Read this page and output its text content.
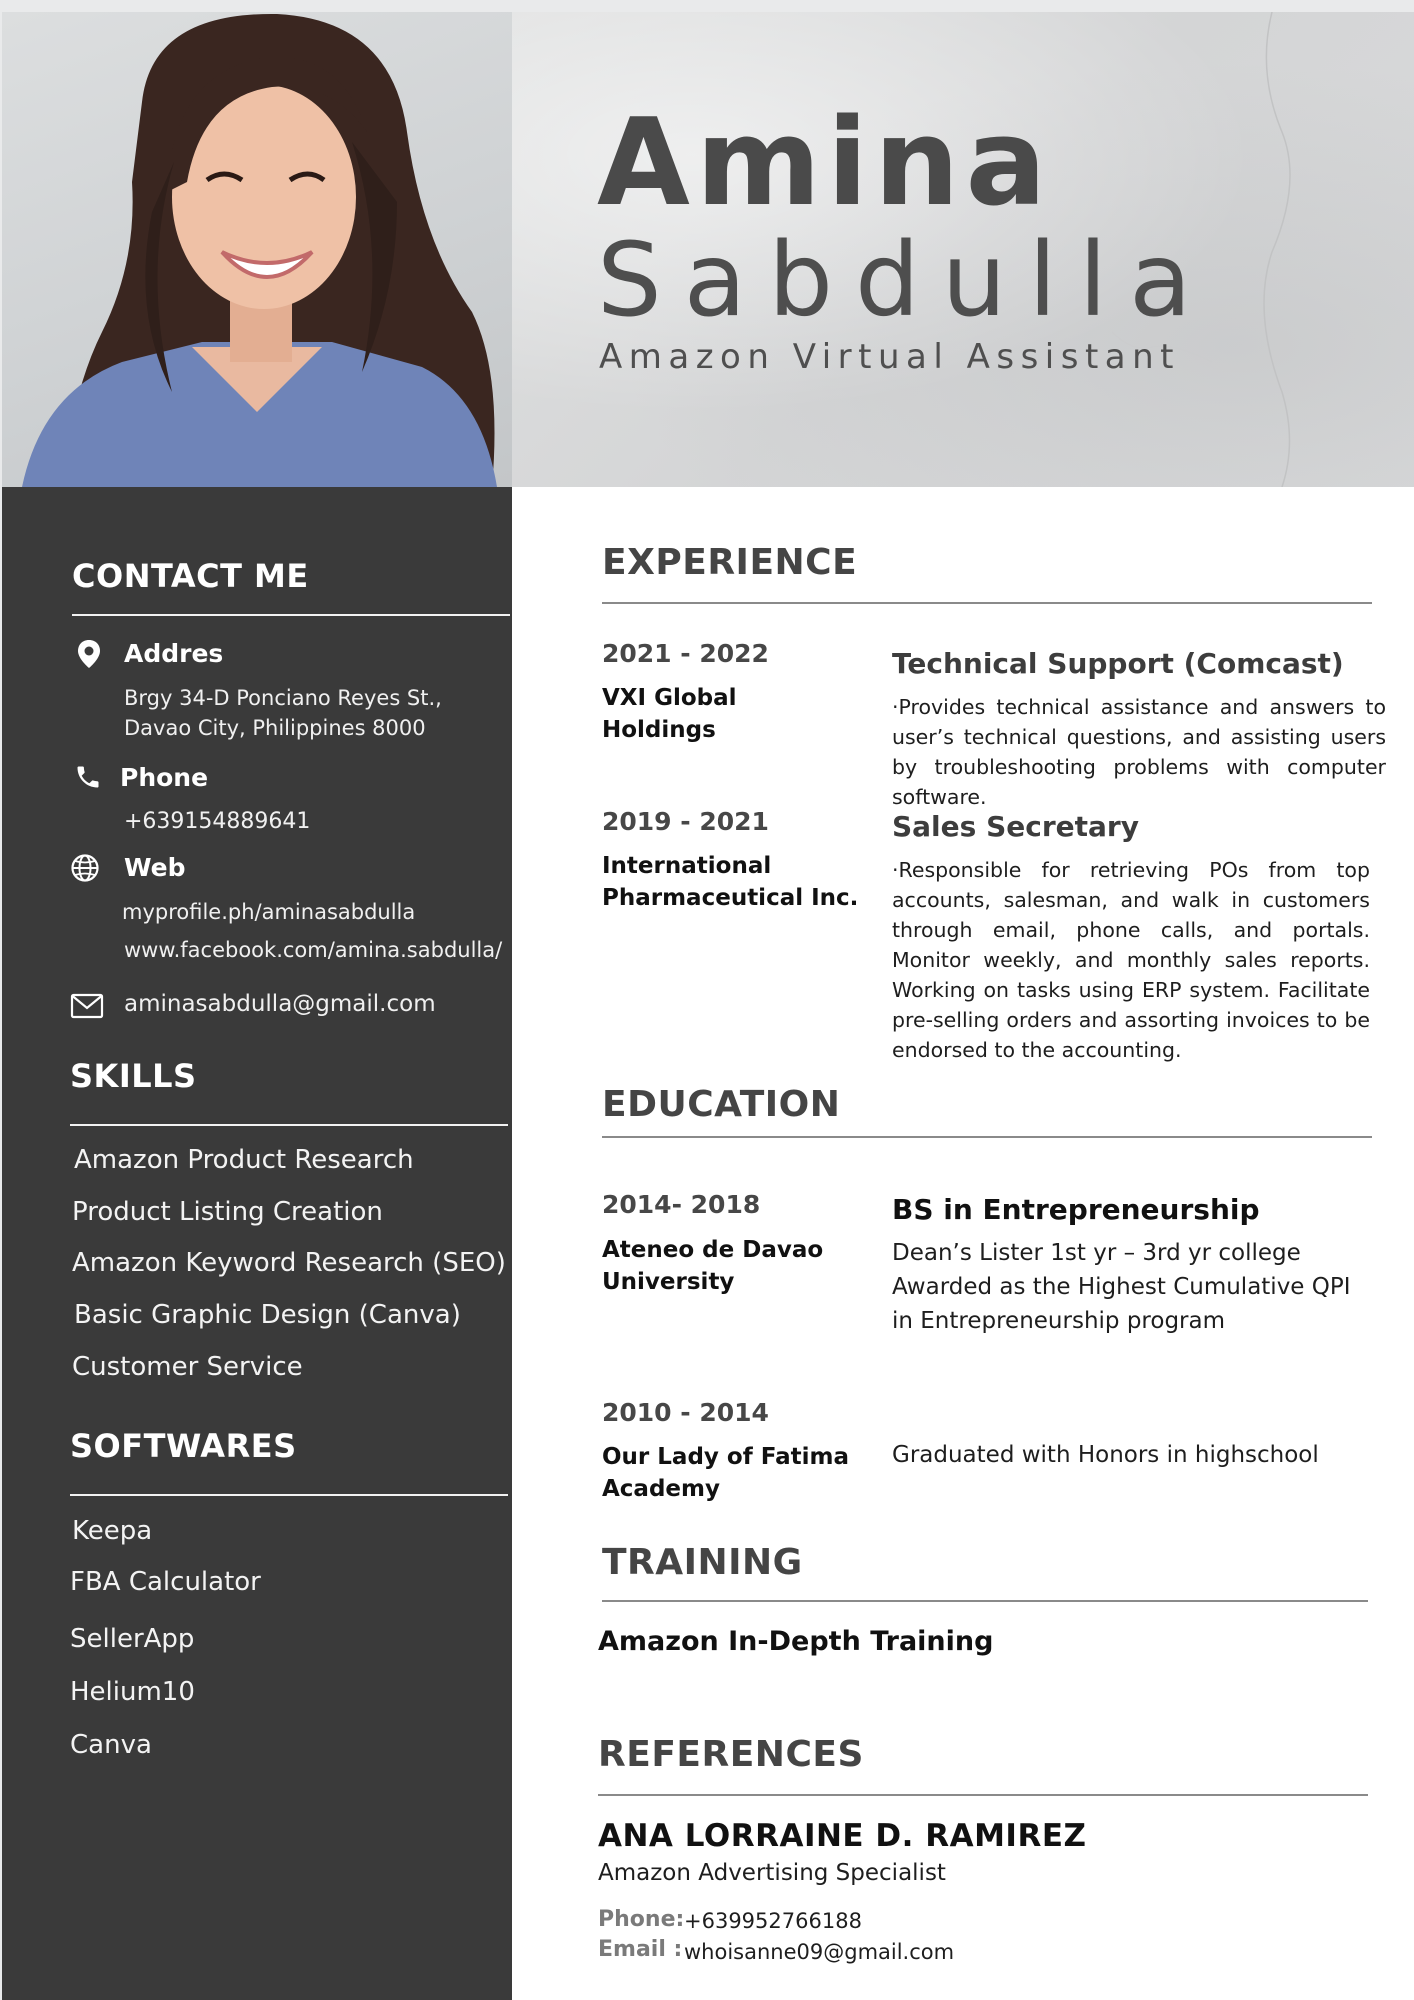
Amina
Sabdulla
Amazon Virtual Assistant
CONTACT ME
Addres
Brgy 34-D Ponciano Reyes St.,
Davao City, Philippines 8000
Phone
+639154889641
Web
myprofile.ph/aminasabdulla
www.facebook.com/amina.sabdulla/
aminasabdulla@gmail.com
SKILLS
Amazon Product Research
Product Listing Creation
Amazon Keyword Research (SEO)
Basic Graphic Design (Canva)
Customer Service
SOFTWARES
Keepa
FBA Calculator
SellerApp
Helium10
Canva
EXPERIENCE
2021 - 2022
VXI Global Holdings
Technical Support (Comcast)
·Provides technical assistance and answers to user’s technical questions, and assisting users by troubleshooting problems with computer software.
2019 - 2021
International
Pharmaceutical Inc.
Sales Secretary
·Responsible for retrieving POs from top accounts, salesman, and walk in customers through email, phone calls, and portals. Monitor weekly, and monthly sales reports. Working on tasks using ERP system. Facilitate pre-selling orders and assorting invoices to be endorsed to the accounting.
EDUCATION
2014- 2018
Ateneo de Davao
University
BS in Entrepreneurship
Dean’s Lister 1st yr – 3rd yr college
Awarded as the Highest Cumulative QPI
in Entrepreneurship program
2010 - 2014
Our Lady of Fatima
Academy
Graduated with Honors in highschool
TRAINING
Amazon In-Depth Training
REFERENCES
ANA LORRAINE D. RAMIREZ
Amazon Advertising Specialist
Phone: +639952766188
Email : whoisanne09@gmail.com
